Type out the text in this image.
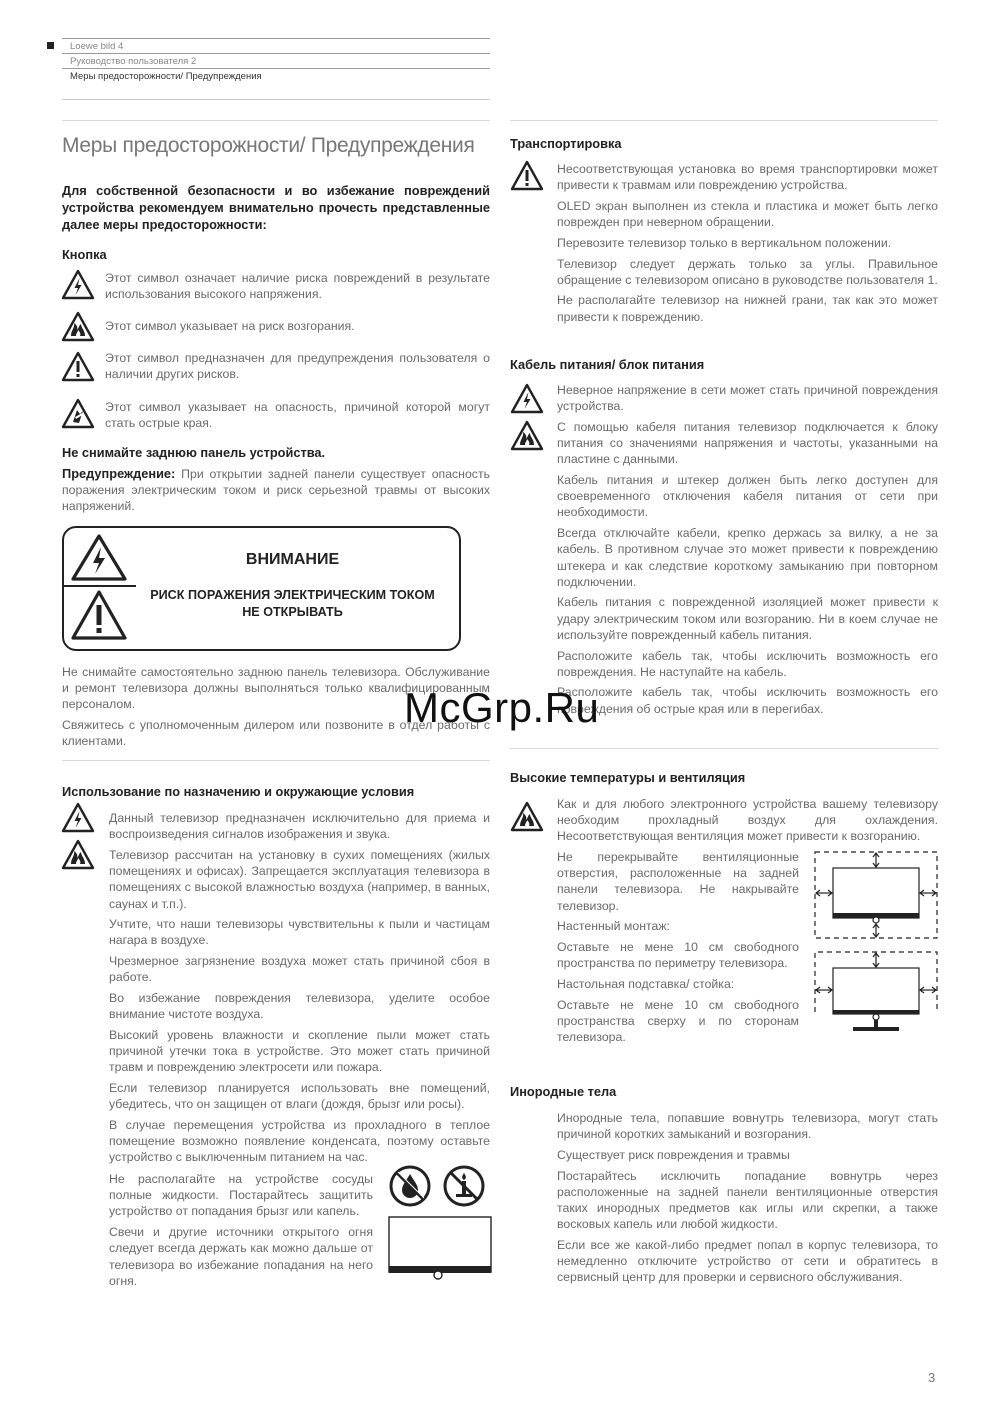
Loewe bild 4
Руководство пользователя 2
Меры предосторожности/ Предупреждения
Меры предосторожности/ Предупреждения
Для собственной безопасности и во избежание повреждений устройства рекомендуем внимательно прочесть представленные далее меры предосторожности:
Кнопка
Этот символ означает наличие риска повреждений в результате использования высокого напряжения.
Этот символ указывает на риск возгорания.
Этот символ предназначен для предупреждения пользователя о наличии других рисков.
Этот символ указывает на опасность, причиной которой могут стать острые края.
Не снимайте заднюю панель устройства.
Предупреждение: При открытии задней панели существует опасность поражения электрическим током и риск серьезной травмы от высоких напряжений.
ВНИМАНИЕ
РИСК ПОРАЖЕНИЯ ЭЛЕКТРИЧЕСКИМ ТОКОМ
НЕ ОТКРЫВАТЬ
Не снимайте самостоятельно заднюю панель телевизора. Обслуживание и ремонт телевизора должны выполняться только квалифицированным персоналом.
Свяжитесь с уполномоченным дилером или позвоните в отдел работы с клиентами.
Использование по назначению и окружающие условия

Данный телевизор предназначен исключительно для приема и воспроизведения сигналов изображения и звука.

Телевизор рассчитан на установку в сухих помещениях (жилых помещениях и офисах). Запрещается эксплуатация телевизора в помещениях с высокой влажностью воздуха (например, в ванных, саунах и т.п.).

Учтите, что наши телевизоры чувствительны к пыли и частицам нагара в воздухе.

Чрезмерное загрязнение воздуха может стать причиной сбоя в работе.

Во избежание повреждения телевизора, уделите особое внимание чистоте воздуха.

Высокий уровень влажности и скопление пыли может стать причиной утечки тока в устройстве. Это может стать причиной травм и повреждению электросети или пожара.

Если телевизор планируется использовать вне помещений, убедитесь, что он защищен от влаги (дождя, брызг или росы).

В случае перемещения устройства из прохладного в теплое помещение возможно появление конденсата, поэтому оставьте устройство с выключенным питанием на час.

Не располагайте на устройстве сосуды полные жидкости. Постарайтесь защитить устройство от попадания брызг или капель.

Свечи и другие источники открытого огня следует всегда держать как можно дальше от телевизора во избежание попадания на него огня.

Транспортировка

Несоответствующая установка во время транспортировки может привести к травмам или повреждению устройства.

OLED экран выполнен из стекла и пластика и может быть легко поврежден при неверном обращении.

Перевозите телевизор только в вертикальном положении.

Телевизор следует держать только за углы. Правильное обращение с телевизором описано в руководстве пользователя 1.

Не располагайте телевизор на нижней грани, так как это может привести к повреждению.

Кабель питания/ блок питания

Неверное напряжение в сети может стать причиной повреждения устройства.

С помощью кабеля питания телевизор подключается к блоку питания со значениями напряжения и частоты, указанными на пластине с данными.

Кабель питания и штекер должен быть легко доступен для своевременного отключения кабеля питания от сети при необходимости.

Всегда отключайте кабели, крепко держась за вилку, а не за кабель. В противном случае это может привести к повреждению штекера и как следствие короткому замыканию при повторном подключении.

Кабель питания с поврежденной изоляцией может привести к удару электрическим током или возгоранию. Ни в коем случае не используйте поврежденный кабель питания.

Расположите кабель так, чтобы исключить возможность его повреждения. Не наступайте на кабель.

Расположите кабель так, чтобы исключить возможность его повреждения об острые края или в перегибах.

Высокие температуры и вентиляция
Как и для любого электронного устройства вашему телевизору необходим прохладный воздух для охлаждения. Несоответствующая вентиляция может привести к возгоранию.

Не перекрывайте вентиляционные отверстия, расположенные на задней панели телевизора. Не накрывайте телевизор.

Настенный монтаж:

Оставьте не мене 10 см свободного пространства по периметру телевизора.

Настольная подставка/ стойка:

Оставьте не мене 10 см свободного пространства сверху и по сторонам телевизора.

Инородные тела

Инородные тела, попавшие вовнутрь телевизора, могут стать причиной коротких замыканий и возгорания.

Существует риск повреждения и травмы

Постарайтесь исключить попадание вовнутрь через расположенные на задней панели вентиляционные отверстия таких инородных предметов как иглы или скрепки, а также восковых капель или любой жидкости.

Если все же какой-либо предмет попал в корпус телевизора, то немедленно отключите устройство от сети и обратитесь в сервисный центр для проверки и сервисного обслуживания.

McGrp.Ru
3
